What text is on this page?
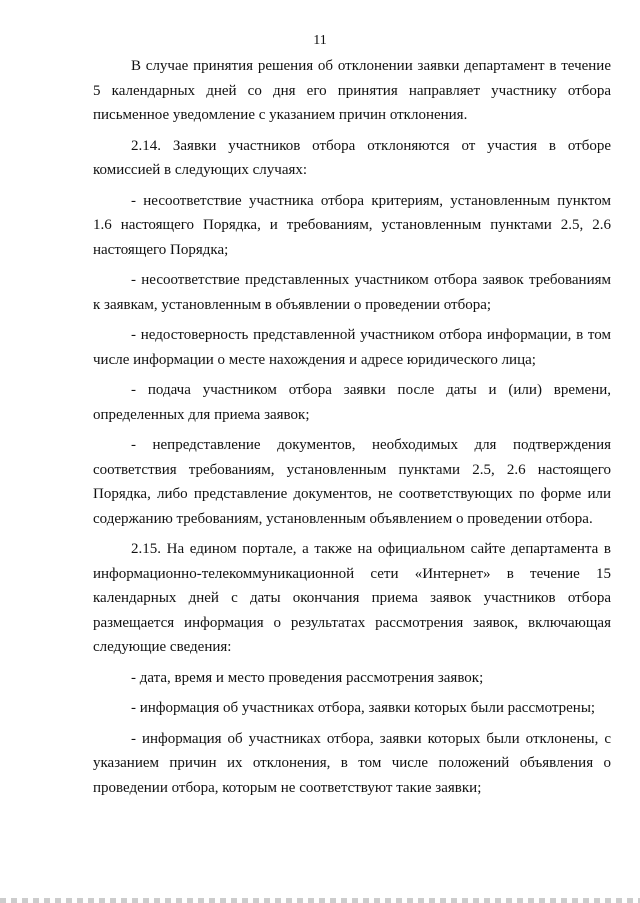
11

В случае принятия решения об отклонении заявки департамент в течение 5 календарных дней со дня его принятия направляет участнику отбора письменное уведомление с указанием причин отклонения.

2.14. Заявки участников отбора отклоняются от участия в отборе комиссией в следующих случаях:

- несоответствие участника отбора критериям, установленным пунктом 1.6 настоящего Порядка, и требованиям, установленным пунктами 2.5, 2.6 настоящего Порядка;

- несоответствие представленных участником отбора заявок требованиям к заявкам, установленным в объявлении о проведении отбора;

- недостоверность представленной участником отбора информации, в том числе информации о месте нахождения и адресе юридического лица;

- подача участником отбора заявки после даты и (или) времени, определенных для приема заявок;

- непредставление документов, необходимых для подтверждения соответствия требованиям, установленным пунктами 2.5, 2.6 настоящего Порядка, либо представление документов, не соответствующих по форме или содержанию требованиям, установленным объявлением о проведении отбора.

2.15. На едином портале, а также на официальном сайте департамента в информационно-телекоммуникационной сети «Интернет» в течение 15 календарных дней с даты окончания приема заявок участников отбора размещается информация о результатах рассмотрения заявок, включающая следующие сведения:

- дата, время и место проведения рассмотрения заявок;

- информация об участниках отбора, заявки которых были рассмотрены;

- информация об участниках отбора, заявки которых были отклонены, с указанием причин их отклонения, в том числе положений объявления о проведении отбора, которым не соответствуют такие заявки;
